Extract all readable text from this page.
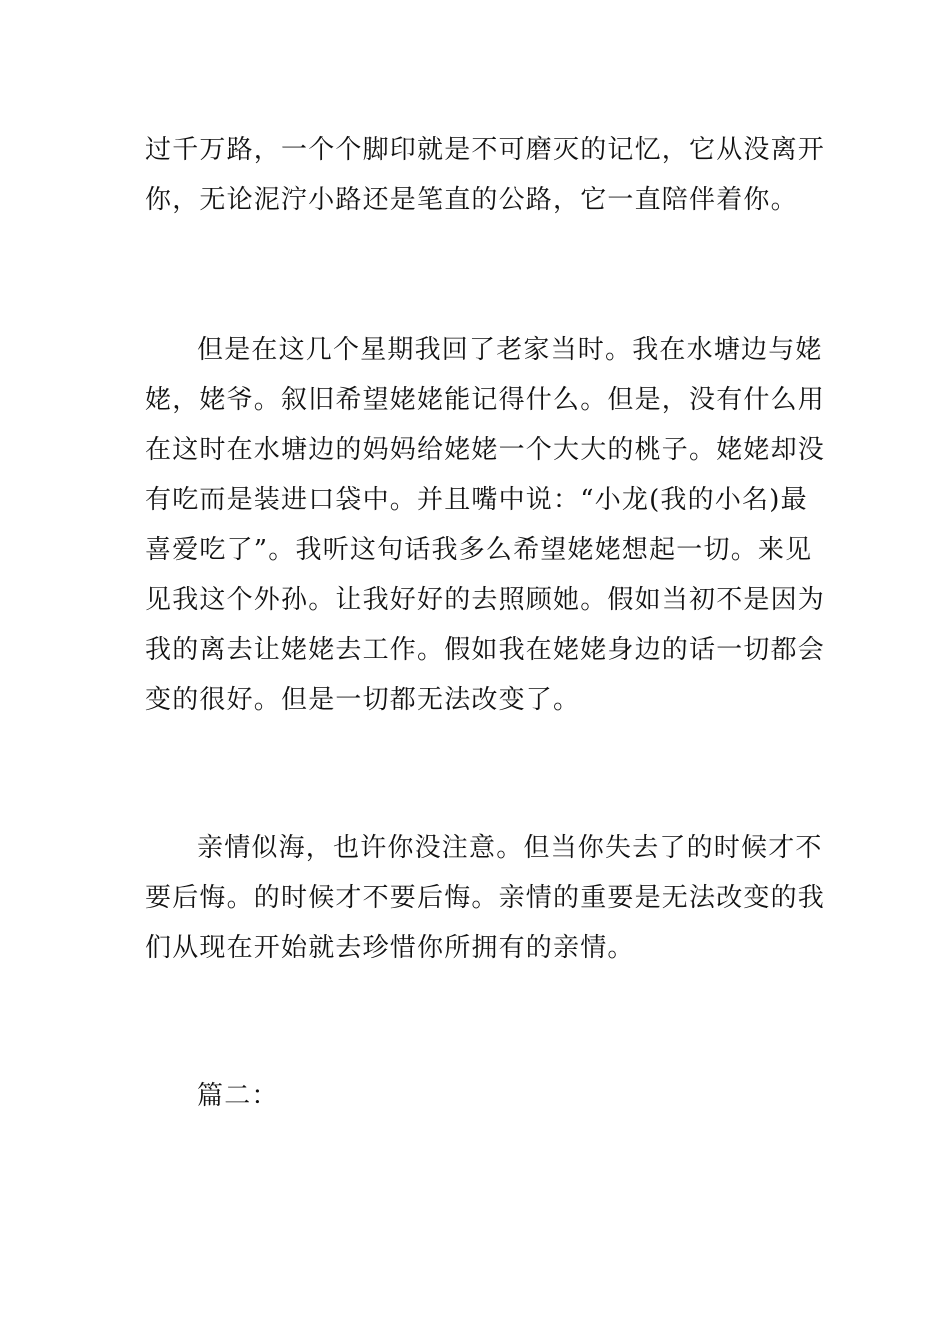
过千万路，一个个脚印就是不可磨灭的记忆，它从没离开
你，无论泥泞小路还是笔直的公路，它一直陪伴着你。
但是在这几个星期我回了老家当时。我在水塘边与姥
姥，姥爷。叙旧希望姥姥能记得什么。但是，没有什么用
在这时在水塘边的妈妈给姥姥一个大大的桃子。姥姥却没
有吃而是装进口袋中。并且嘴中说：“小龙(我的小名)最
喜爱吃了”。我听这句话我多么希望姥姥想起一切。来见
见我这个外孙。让我好好的去照顾她。假如当初不是因为
我的离去让姥姥去工作。假如我在姥姥身边的话一切都会
变的很好。但是一切都无法改变了。
亲情似海，也许你没注意。但当你失去了的时候才不
要后悔。的时候才不要后悔。亲情的重要是无法改变的我
们从现在开始就去珍惜你所拥有的亲情。
篇二：
